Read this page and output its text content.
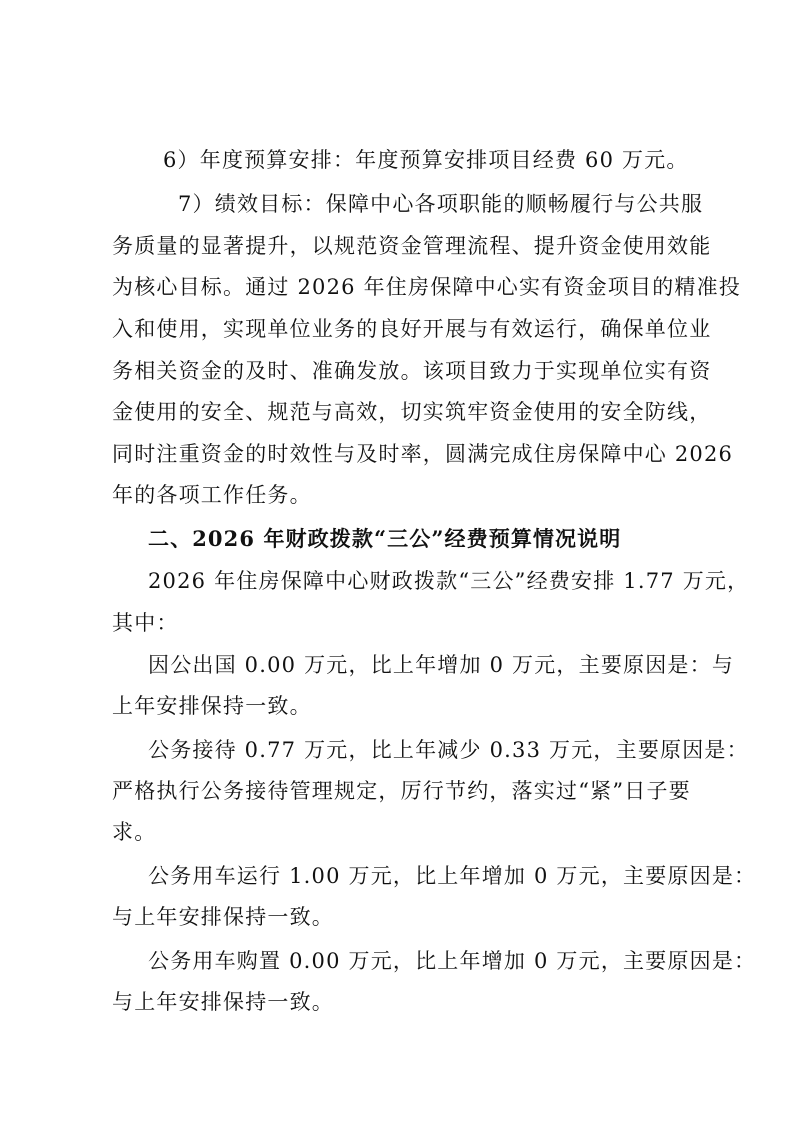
6）年度预算安排：年度预算安排项目经费 60 万元。
7）绩效目标：保障中心各项职能的顺畅履行与公共服
务质量的显著提升，以规范资金管理流程、提升资金使用效能
为核心目标。通过 2026 年住房保障中心实有资金项目的精准投
入和使用，实现单位业务的良好开展与有效运行，确保单位业
务相关资金的及时、准确发放。该项目致力于实现单位实有资
金使用的安全、规范与高效，切实筑牢资金使用的安全防线，
同时注重资金的时效性与及时率，圆满完成住房保障中心 2026
年的各项工作任务。
二、2026 年财政拨款“三公”经费预算情况说明
2026 年住房保障中心财政拨款“三公”经费安排 1.77 万元，
其中：
因公出国 0.00 万元，比上年增加 0 万元，主要原因是：与
上年安排保持一致。
公务接待 0.77 万元，比上年减少 0.33 万元，主要原因是：
严格执行公务接待管理规定，厉行节约，落实过“紧”日子要
求。
公务用车运行 1.00 万元，比上年增加 0 万元，主要原因是：
与上年安排保持一致。
公务用车购置 0.00 万元，比上年增加 0 万元，主要原因是：
与上年安排保持一致。
